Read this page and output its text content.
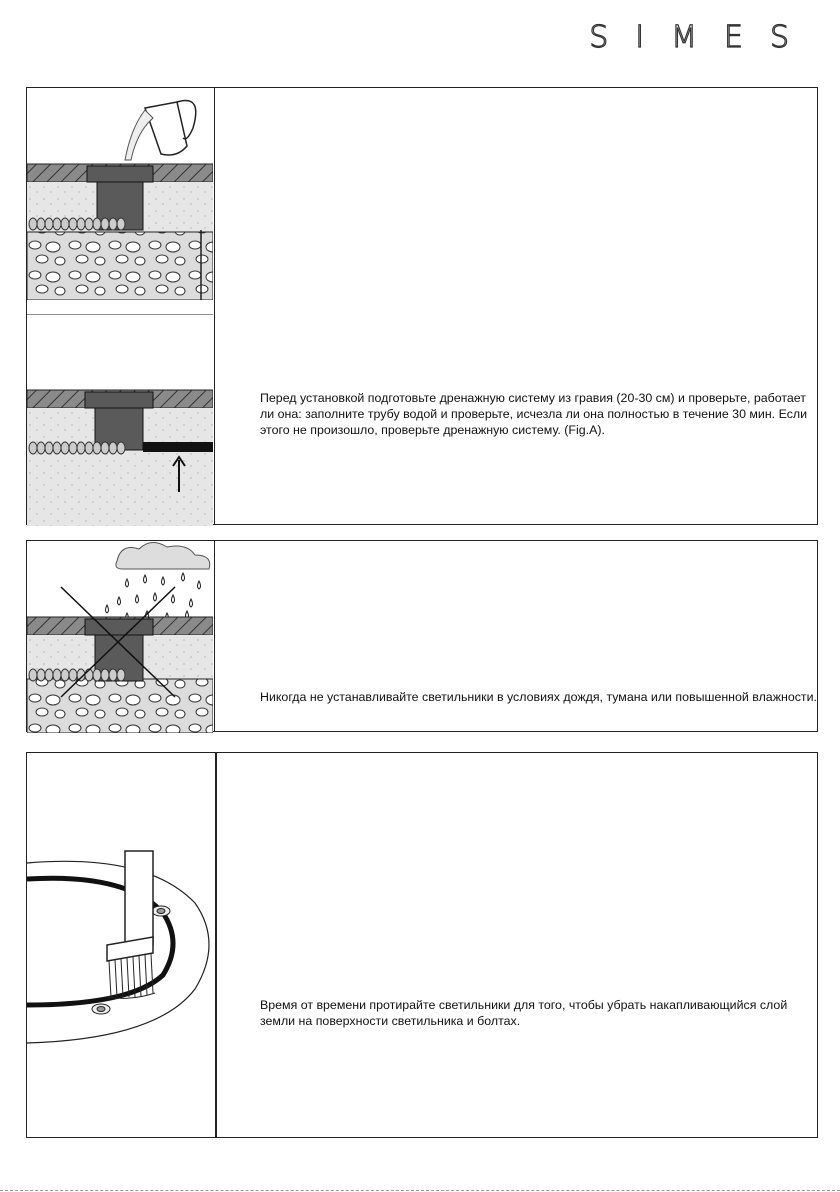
SIMES
Перед установкой подготовьте дренажную систему из гравия (20-30 см) и проверьте, работает ли она: заполните трубу водой и проверьте, исчезла ли она полностью в течение 30 мин. Если этого не произошло, проверьте дренажную систему. (Fig.A).
Никогда не устанавливайте светильники в условиях дождя, тумана или повышенной влажности.
Время от времени протирайте светильники для того, чтобы убрать накапливающийся слой земли на поверхности светильника и болтах.
